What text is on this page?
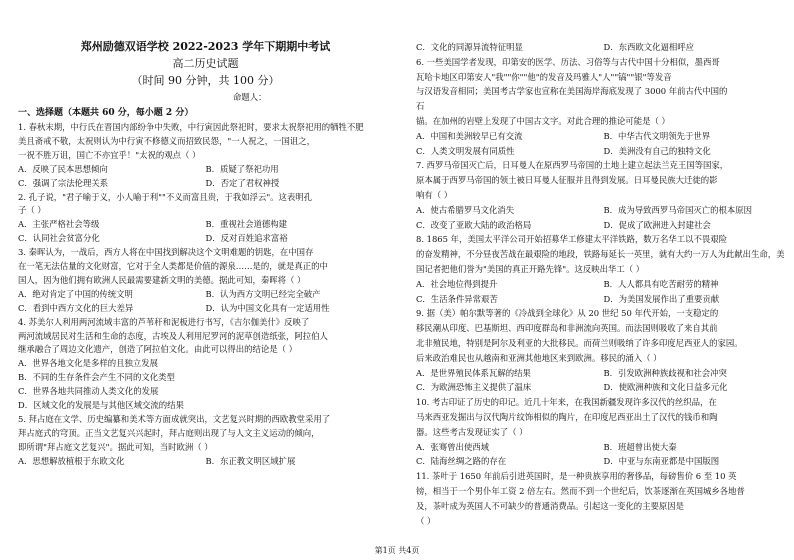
郑州励德双语学校 2022-2023 学年下期期中考试
高二历史试题
（时间 90 分钟，共 100 分）
命题人：
一、选择题（本题共 60 分，每小题 2 分）
1. 春秋末期，中行氏在晋国内部纷争中失败，中行寅因此祭祀时，要求太祝祭祀用的牺牲不肥
美且斋戒不敬，太祝则认为中行寅不修德义而招致民怨，"一人祝之，一国诅之，
一祝不胜万诅，国亡不亦宜乎！"太祝的观点（ ）
A．反映了民本思想倾向	B．质疑了祭祀功用
C．强调了宗法伦理关系	D．否定了君权神授
2. 孔子说，"君子喻于义，小人喻于利""不义而富且贵，于我如浮云"。这表明孔
子（ ）
A．主张严格社会等级	B．重视社会道德构建
C．认同社会贫富分化	D．反对百姓追求富裕
3. 秦晖认为，一战后，西方人将在中国找到解决这个文明难题的钥匙，在中国存
在一笔无法估量的文化财富，它对于全人类都是价值的源泉……是的，就是真正的中
国人，因为他们拥有欧洲人民最需要建新文明的美德。据此可知，秦晖将（ ）
A．绝对肯定了中国的传统文明	B．认为西方文明已经完全破产
C．看到中西方文化的巨大差异	D．认为中国文化具有一定适用性
4. 苏美尔人利用两河流域丰富的芦苇秆和泥板进行书写，《吉尔伽美什》反映了
两河流域居民对生活和生命的态度，古埃及人利用尼罗河的泥草创造纸张，阿拉伯人
继承融合了周边文化遗产，创造了阿拉伯文化。由此可以得出的结论是（ ）
A．世界各地文化是多样的且独立发展
B．不同的生存条件会产生不同的文化类型
C．世界各地共同推动人类文化的发展
D．区域文化的发展是与其他区域交流的结果
5. 拜占庭在文学、历史编纂和美术等方面成就突出，文艺复兴时期的西欧教堂采用了
拜占庭式的穹顶。正当文艺复兴兴起时，拜占庭则出现了与人文主义运动的倾向，
即所谓"拜占庭文艺复兴"。据此可知，当时欧洲（ ）
A．思想解放植根于东欧文化	B．东正教文明区域扩展
C．文化的同源异流特征明显	D．东西欧文化逼相呼应
6. 一些美国学者发现，印第安的医学、历法、习俗等与古代中国十分相似，墨西哥
瓦哈卡地区印第安人"我""你""他"的发音及玛雅人"人""镐""银"等发音
与汉语发音相同；美国考古学家也宣称在美国海岸海底发现了 3000 年前古代中国的
石
锚。在加州的岩壁上发现了中国古文字。对此合理的推论可能是（ ）
A．中国和美洲较早已有交流	B．中华古代文明领先于世界
C．人类文明发展有同质性	D．美洲没有自己的独特文化
7. 西罗马帝国灭亡后，日耳曼人在原西罗马帝国的土地上建立起法兰克王国等国家，
原本属于西罗马帝国的领土被日耳曼人征服并且得到发展。日耳曼民族大迁徙的影
响有（ ）
A．使古希腊罗马文化消失	B．成为导致西罗马帝国灭亡的根本原因
C．改变了亚欧大陆的政治格局	D．促成了欧洲进入封建社会
8. 1865 年，美国太平洋公司开始招募华工修建太平洋铁路，数万名华工以不畏艰险
的奋发精神，不分昼夜苦战在最艰险的地段，铁路每延长一英里，就有大约一万人为此献出生命，美
国记者把他们誉为"美国的真正开路先锋"。这反映出华工（ ）
A．社会地位得到提升	B．人人都具有吃苦耐劳的精神
C．生活条件异常艰苦	D．为美国发展作出了重要贡献
9. 据（美）帕尔默等著的《冷战到全球化》从 20 世纪 50 年代开始，一支稳定的
移民潮从印度、巴基斯坦、西印度群岛和非洲流向英国。而法国则吸收了来自其前
北非殖民地，特别是阿尔及利亚的大批移民。而荷兰则吸纳了许多印度尼西亚人的家园。
后来政治难民也从越南和亚洲其他地区来到欧洲。移民的涌入（ ）
A．是世界殖民体系瓦解的结果	B．引发欧洲种族歧视和社会冲突
C．为欧洲恐怖主义提供了温床	D．使欧洲种族和文化日益多元化
10. 考古印证了历史的印记。近几十年来，在我国新疆发现许多汉代的丝织品，在
马来西亚发掘出与汉代陶片纹饰相似的陶片，在印度尼西亚出土了汉代的钱币和陶
器。这些考古发现证实了（ ）
A．张骞曾出使西域	B．班超曾出使大秦
C．陆海丝绸之路的存在	D．中亚与东南亚都是中国版图
11. 茶叶于 1650 年前后引进英国时，是一种贵族享用的奢侈品，每磅售价 6 至 10 英
镑，相当于一个男仆年工资 2 倍左右。然而不到一个世纪后，饮茶逐渐在英国城乡各地普
及，茶叶成为英国人不可缺少的普通消费品。引起这一变化的主要原因是
（ ）
第1页 共4页
